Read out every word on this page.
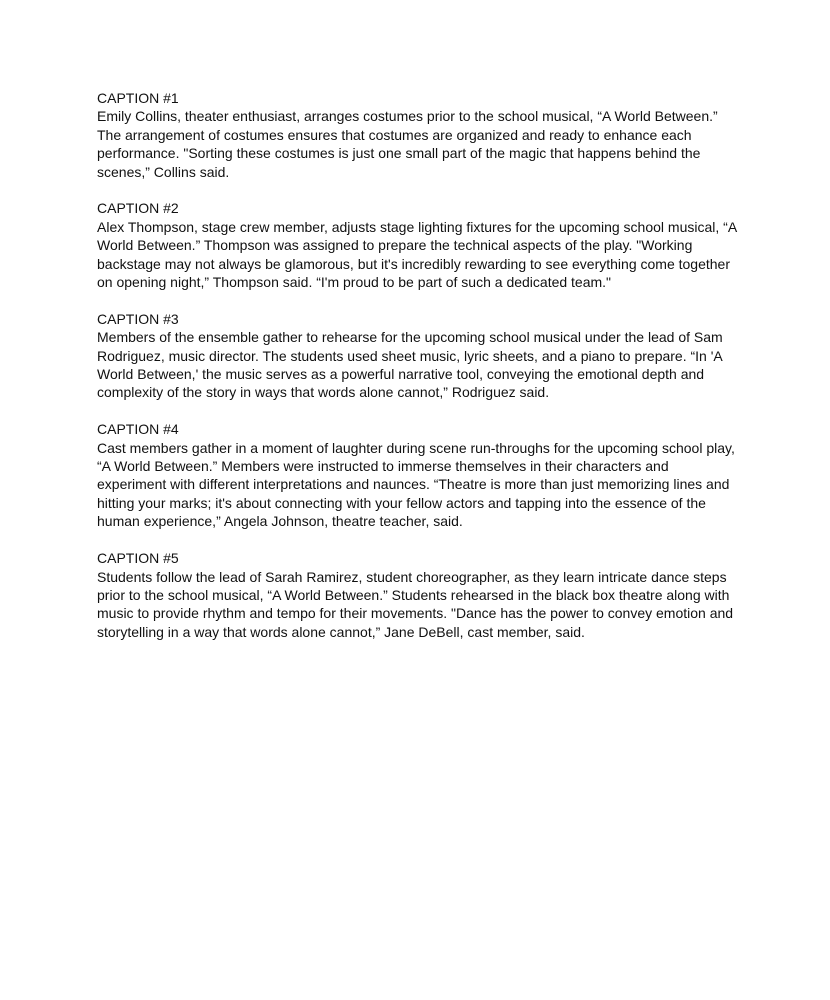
CAPTION #1

Emily Collins, theater enthusiast, arranges costumes prior to the school musical, “A World Between.” The arrangement of costumes ensures that costumes are organized and ready to enhance each performance. "Sorting these costumes is just one small part of the magic that happens behind the scenes,” Collins said.

CAPTION #2

Alex Thompson, stage crew member, adjusts stage lighting fixtures for the upcoming school musical, “A World Between.” Thompson was assigned to prepare the technical aspects of the play. "Working backstage may not always be glamorous, but it's incredibly rewarding to see everything come together on opening night,” Thompson said. “I'm proud to be part of such a dedicated team."

CAPTION #3

Members of the ensemble gather to rehearse for the upcoming school musical under the lead of Sam Rodriguez, music director. The students used sheet music, lyric sheets, and a piano to prepare. “In 'A World Between,' the music serves as a powerful narrative tool, conveying the emotional depth and complexity of the story in ways that words alone cannot,” Rodriguez said.

CAPTION #4

Cast members gather in a moment of laughter during scene run-throughs for the upcoming school play, “A World Between.” Members were instructed to immerse themselves in their characters and experiment with different interpretations and naunces. “Theatre is more than just memorizing lines and hitting your marks; it's about connecting with your fellow actors and tapping into the essence of the human experience,” Angela Johnson, theatre teacher, said.

CAPTION #5

Students follow the lead of Sarah Ramirez, student choreographer, as they learn intricate dance steps prior to the school musical, “A World Between.” Students rehearsed in the black box theatre along with music to provide rhythm and tempo for their movements. "Dance has the power to convey emotion and storytelling in a way that words alone cannot,” Jane DeBell, cast member, said.
